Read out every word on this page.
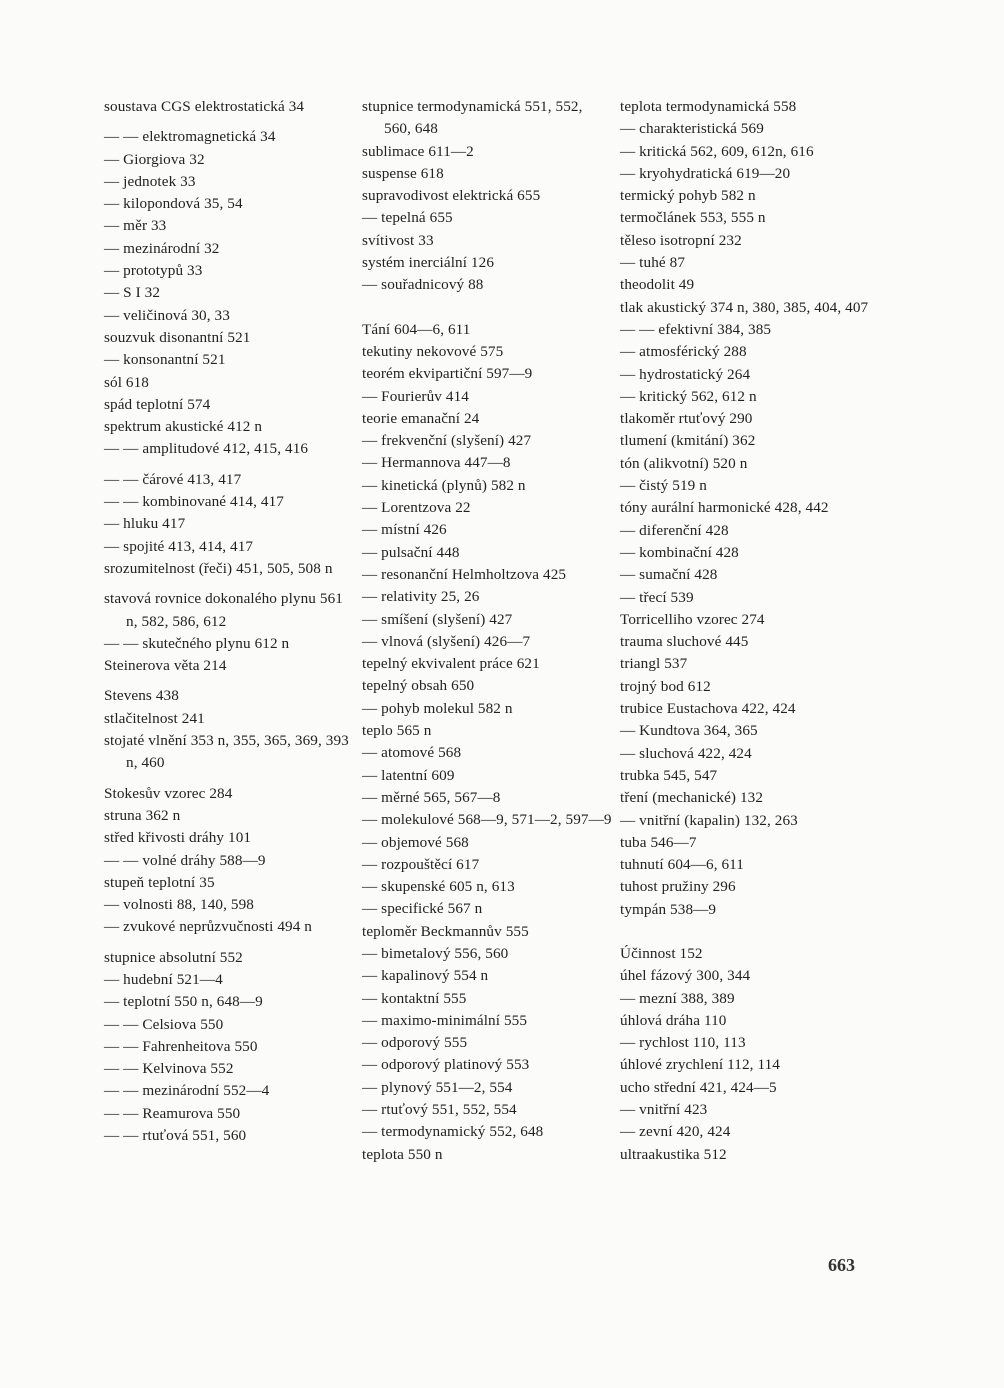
soustava CGS elektrostatická 34
— — elektromagnetická 34
— Giorgiova 32
— jednotek 33
— kilopondová 35, 54
— měr 33
— mezinárodní 32
— prototypů 33
— S I 32
— veličinová 30, 33
souzvuk disonantní 521
— konsonantní 521
sól 618
spád teplotní 574
spektrum akustické 412 n
— — amplitudové 412, 415, 416
— — čárové 413, 417
— — kombinované 414, 417
— hluku 417
— spojité 413, 414, 417
srozumitelnost (řeči) 451, 505, 508 n
stavová rovnice dokonalého plynu 561 n, 582, 586, 612
— — skutečného plynu 612 n
Steinerova věta 214
Stevens 438
stlačitelnost 241
stojaté vlnění 353 n, 355, 365, 369, 393 n, 460
Stokesův vzorec 284
struna 362 n
střed křivosti dráhy 101
— — volné dráhy 588—9
stupeň teplotní 35
— volnosti 88, 140, 598
— zvukové neprůzvučnosti 494 n
stupnice absolutní 552
— hudební 521—4
— teplotní 550 n, 648—9
— — Celsiova 550
— — Fahrenheitova 550
— — Kelvinova 552
— — mezinárodní 552—4
— — Reamurova 550
— — rtuťová 551, 560
stupnice termodynamická 551, 552, 560, 648
sublimace 611—2
suspense 618
supravodivost elektrická 655
— tepelná 655
svítivost 33
systém inerciální 126
— souřadnicový 88
Tání 604—6, 611
tekutiny nekovové 575
teorém ekvipartiční 597—9
— Fourierův 414
teorie emanační 24
— frekvenční (slyšení) 427
— Hermannova 447—8
— kinetická (plynů) 582 n
— Lorentzova 22
— místní 426
— pulsační 448
— resonanční Helmholtzova 425
— relativity 25, 26
— smíšení (slyšení) 427
— vlnová (slyšení) 426—7
tepelný ekvivalent práce 621
tepelný obsah 650
— pohyb molekul 582 n
teplo 565 n
— atomové 568
— latentní 609
— měrné 565, 567—8
— molekulové 568—9, 571—2, 597—9
— objemové 568
— rozpouštěcí 617
— skupenské 605 n, 613
— specifické 567 n
teploměr Beckmannův 555
— bimetalový 556, 560
— kapalinový 554 n
— kontaktní 555
— maximo-minimální 555
— odporový 555
— odporový platinový 553
— plynový 551—2, 554
— rtuťový 551, 552, 554
— termodynamický 552, 648
teplota 550 n
teplota termodynamická 558
— charakteristická 569
— kritická 562, 609, 612n, 616
— kryohydratická 619—20
termický pohyb 582 n
termočlánek 553, 555 n
těleso isotropní 232
— tuhé 87
theodolit 49
tlak akustický 374 n, 380, 385, 404, 407
— — efektivní 384, 385
— atmosférický 288
— hydrostatický 264
— kritický 562, 612 n
tlakoměr rtuťový 290
tlumení (kmitání) 362
tón (alikvotní) 520 n
— čistý 519 n
tóny aurální harmonické 428, 442
— diferenční 428
— kombinační 428
— sumační 428
— třecí 539
Torricelliho vzorec 274
trauma sluchové 445
triangl 537
trojný bod 612
trubice Eustachova 422, 424
— Kundtova 364, 365
— sluchová 422, 424
trubka 545, 547
tření (mechanické) 132
— vnitřní (kapalin) 132, 263
tuba 546—7
tuhnutí 604—6, 611
tuhost pružiny 296
tympán 538—9
Účinnost 152
úhel fázový 300, 344
— mezní 388, 389
úhlová dráha 110
— rychlost 110, 113
úhlové zrychlení 112, 114
ucho střední 421, 424—5
— vnitřní 423
— zevní 420, 424
ultraakustika 512
663
